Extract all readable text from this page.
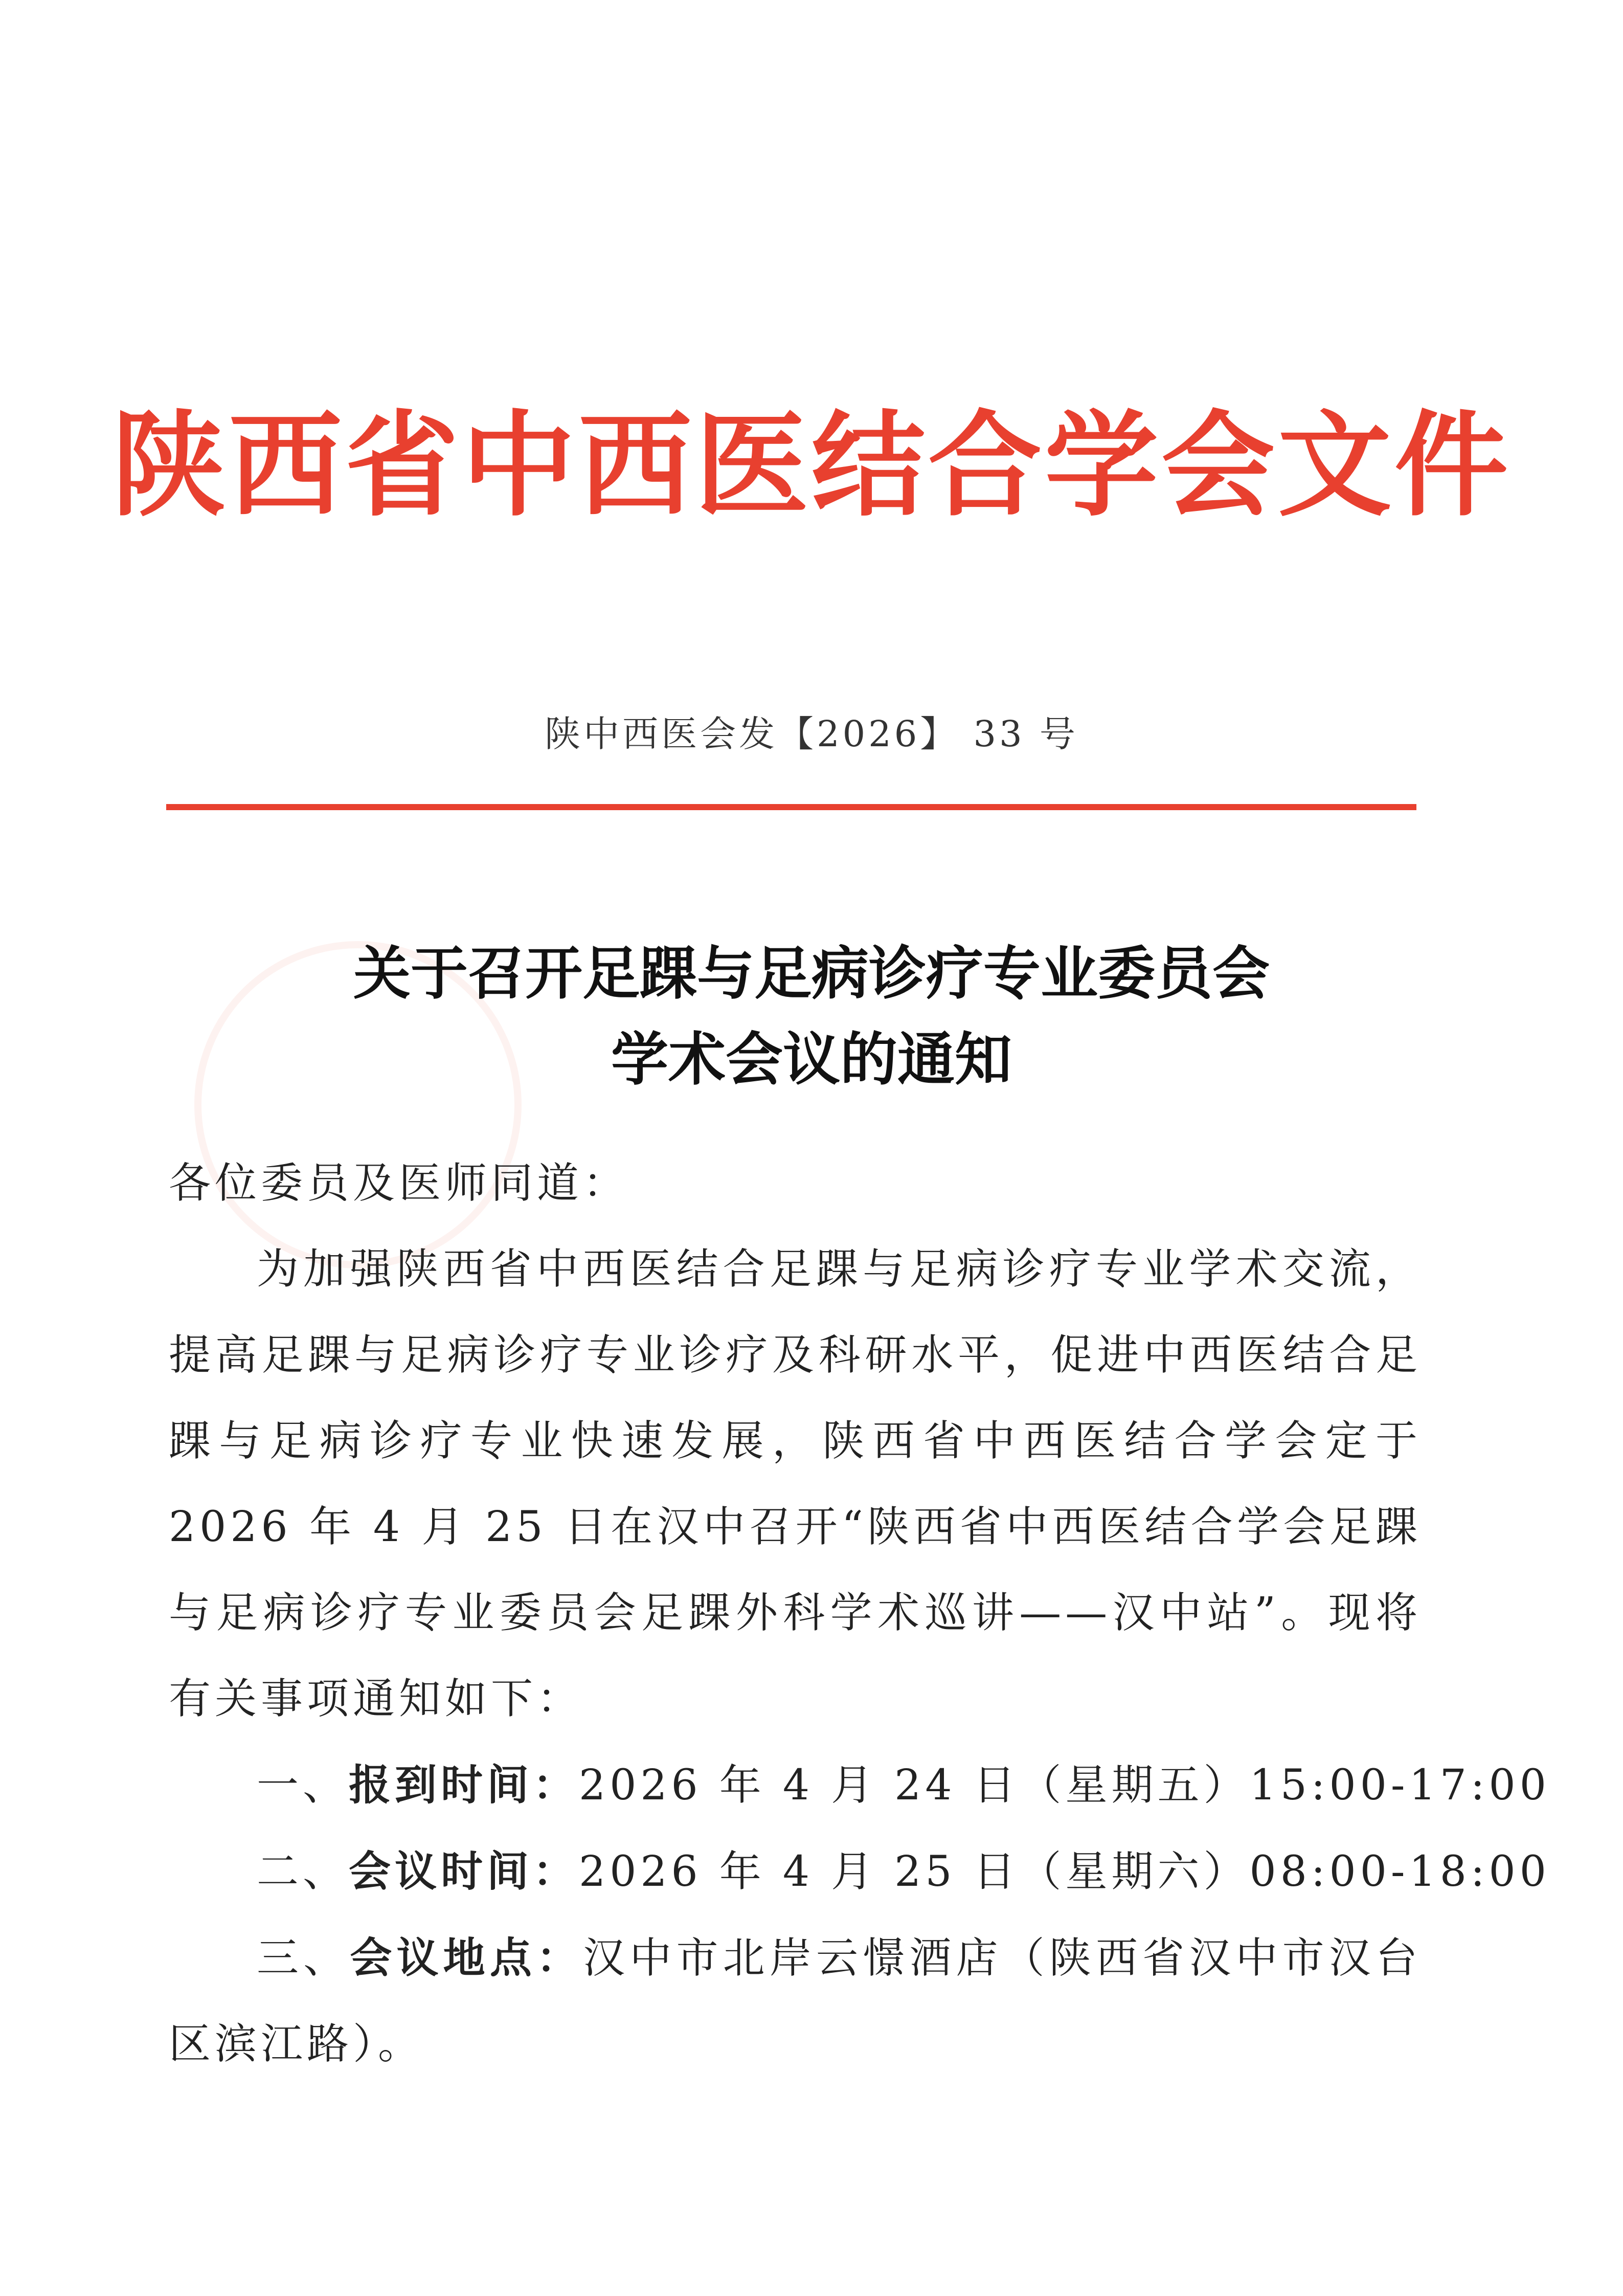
陕西省中西医结合学会文件
陕中西医会发【2026】 33 号
关于召开足踝与足病诊疗专业委员会
学术会议的通知

各位委员及医师同道：

为加强陕西省中西医结合足踝与足病诊疗专业学术交流，提高足踝与足病诊疗专业诊疗及科研水平，促进中西医结合足踝与足病诊疗专业快速发展，陕西省中西医结合学会定于 2026 年 4 月 25 日在汉中召开“陕西省中西医结合学会足踝与足病诊疗专业委员会足踝外科学术巡讲——汉中站”。现将有关事项通知如下：

一、报到时间：2026 年 4 月 24 日（星期五）15:00-17:00

二、会议时间：2026 年 4 月 25 日（星期六）08:00-18:00

三、会议地点：汉中市北岸云憬酒店（陕西省汉中市汉台区滨江路）。
